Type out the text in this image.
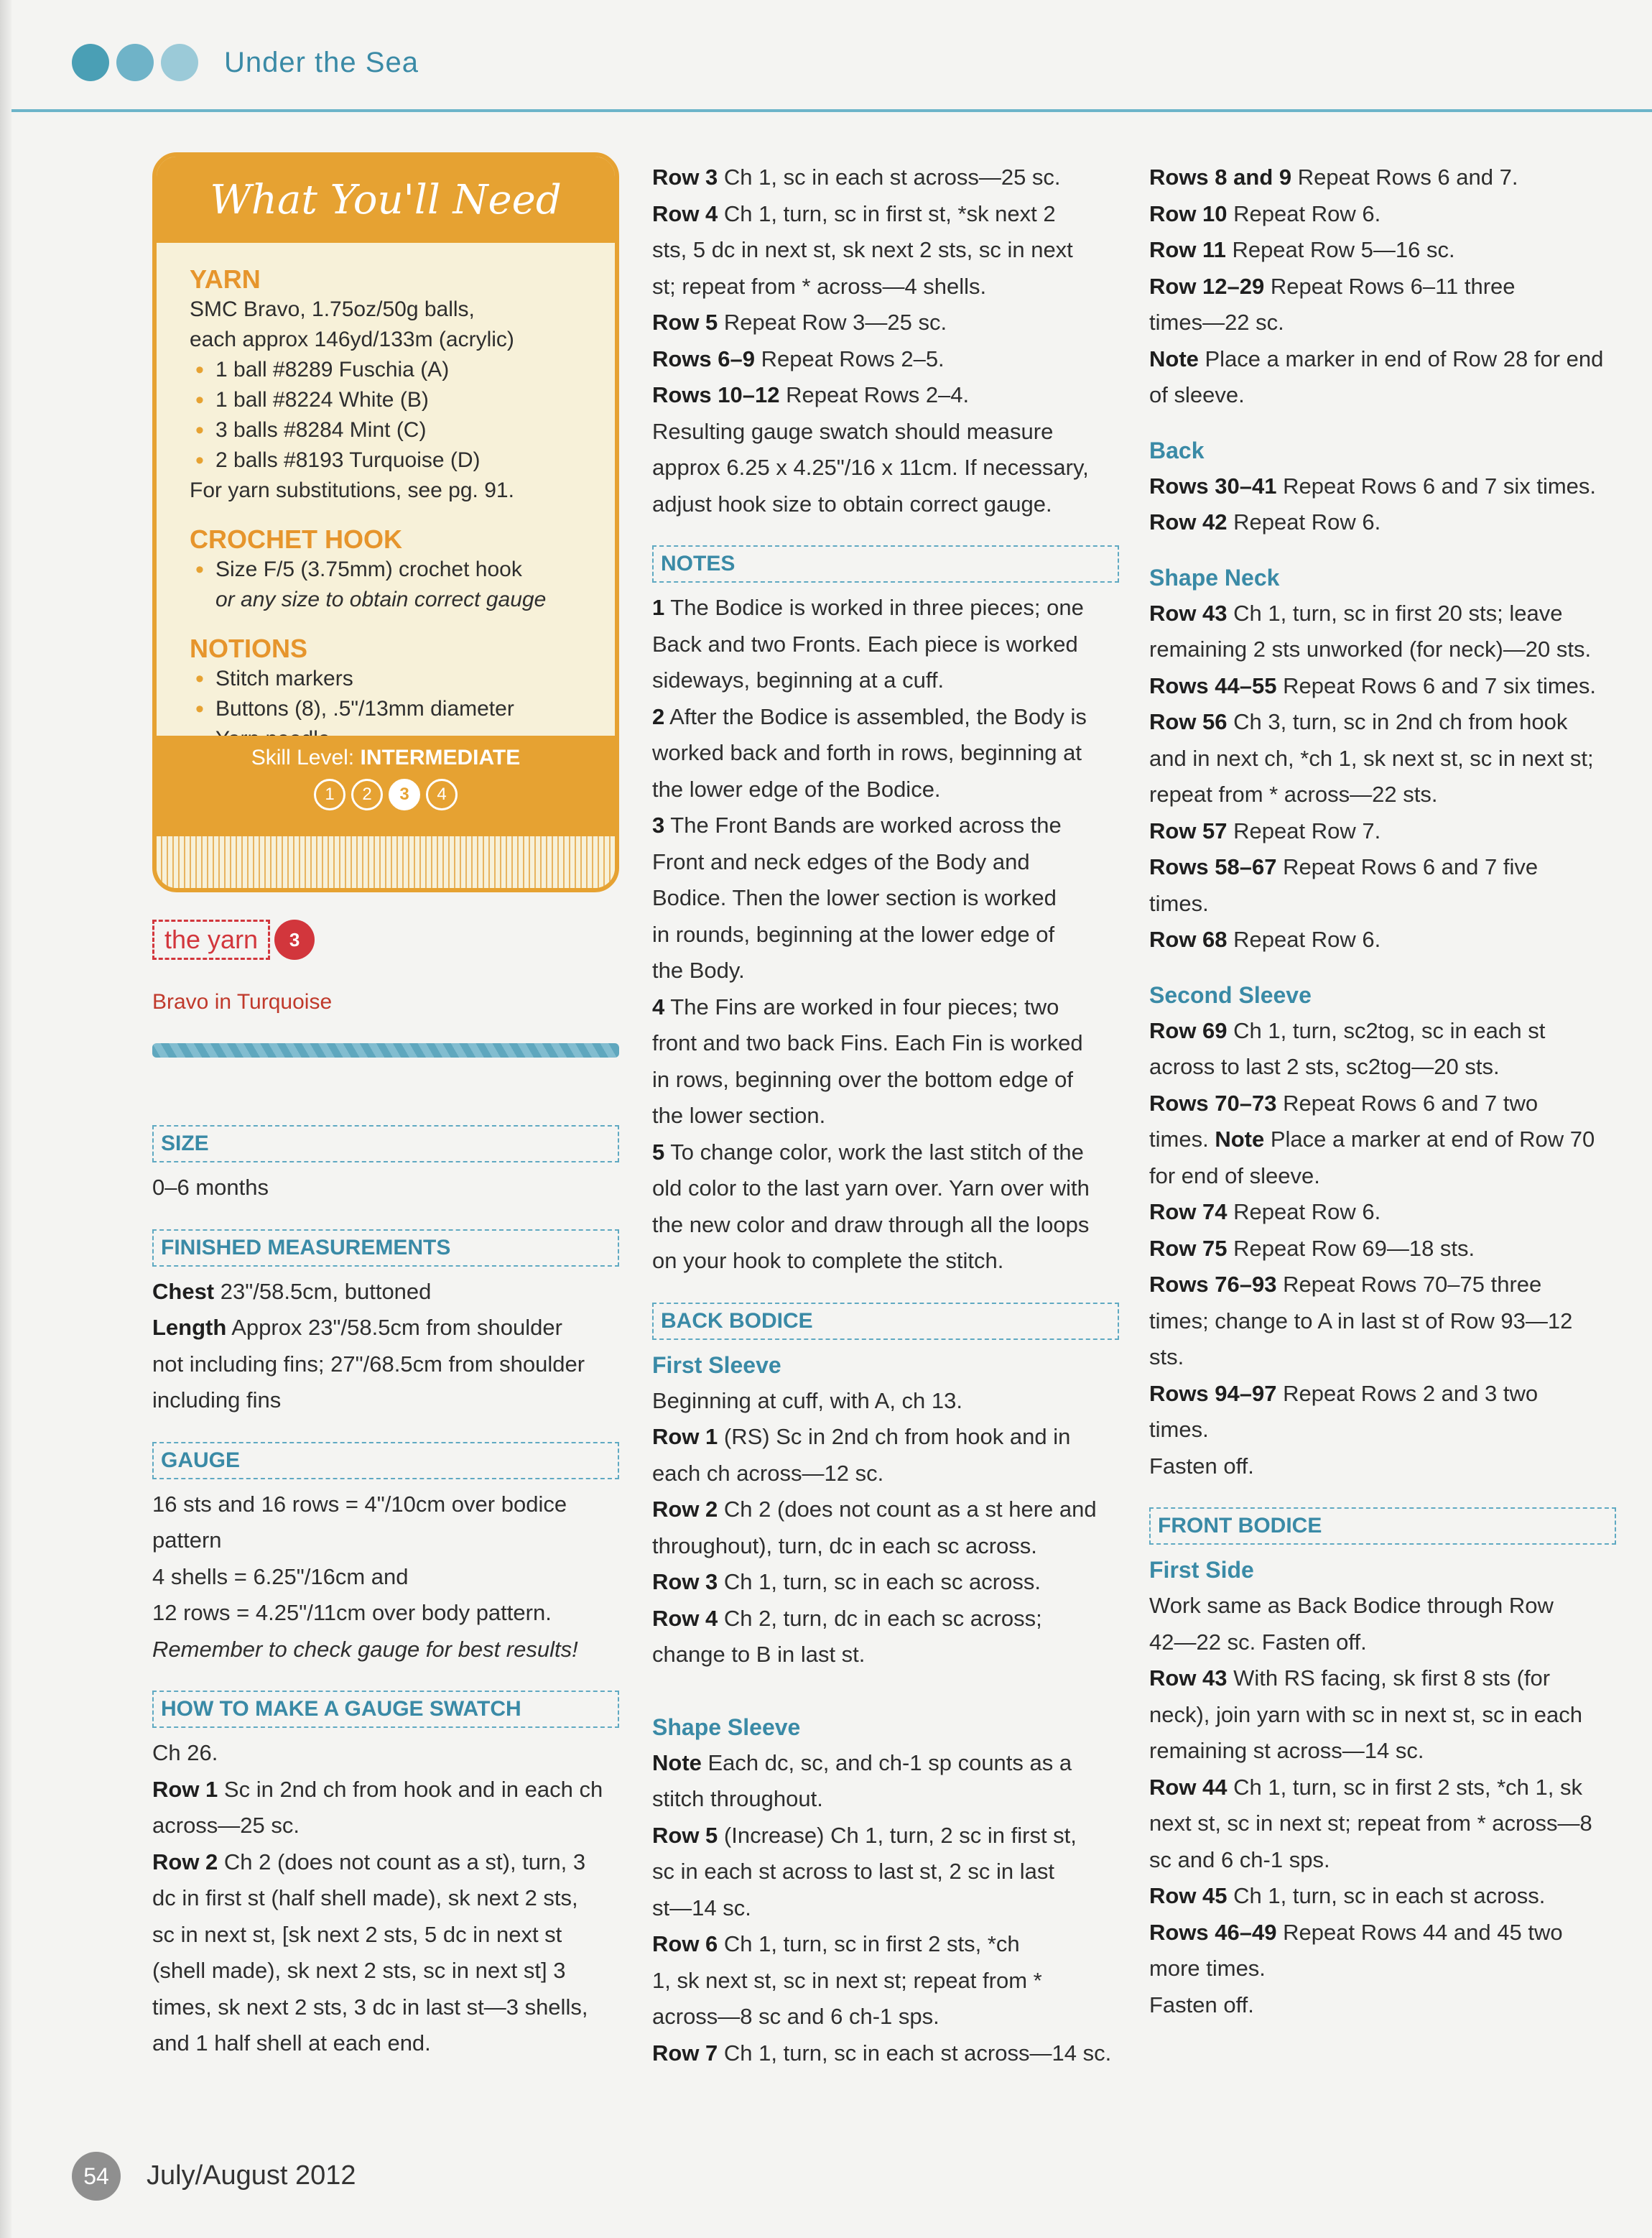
Under the Sea
What You'll Need
YARN
SMC Bravo, 1.75oz/50g balls,
each approx 146yd/133m (acrylic)
• 1 ball #8289 Fuschia (A)
• 1 ball #8224 White (B)
• 3 balls #8284 Mint (C)
• 2 balls #8193 Turquoise (D)
For yarn substitutions, see pg. 91.
CROCHET HOOK
• Size F/5 (3.75mm) crochet hook
or any size to obtain correct gauge
NOTIONS
• Stitch markers
• Buttons (8), .5"/13mm diameter
•
Skill Level: INTERMEDIATE
1	2	3	4
the yarn	3
Bravo in Turquoise
SIZE

0–6 months

FINISHED MEASUREMENTS

Chest 23"/58.5cm, buttoned

Length Approx 23"/58.5cm from shoulder

not including fins; 27"/68.5cm from shoulder

including fins

GAUGE

16 sts and 16 rows = 4"/10cm over bodice

pattern

4 shells = 6.25"/16cm and

12 rows = 4.25"/11cm over body pattern.

Remember to check gauge for best results!

HOW TO MAKE A GAUGE SWATCH

Ch 26.

Row 1 Sc in 2nd ch from hook and in each ch

across—25 sc.

Row 2 Ch 2 (does not count as a st), turn, 3

dc in first st (half shell made), sk next 2 sts,

sc in next st, [sk next 2 sts, 5 dc in next st

(shell made), sk next 2 sts, sc in next st] 3

times, sk next 2 sts, 3 dc in last st—3 shells,

and 1 half shell at each end.

Row 3 Ch 1, sc in each st across—25 sc.

Row 4 Ch 1, turn, sc in first st, *sk next 2

sts, 5 dc in next st, sk next 2 sts, sc in next

st; repeat from * across—4 shells.

Row 5 Repeat Row 3—25 sc.

Rows 6–9 Repeat Rows 2–5.

Rows 10–12 Repeat Rows 2–4.

Resulting gauge swatch should measure

approx 6.25 x 4.25"/16 x 11cm. If necessary,

adjust hook size to obtain correct gauge.

NOTES

1 The Bodice is worked in three pieces; one

Back and two Fronts. Each piece is worked

sideways, beginning at a cuff.

2 After the Bodice is assembled, the Body is

worked back and forth in rows, beginning at

the lower edge of the Bodice.

3 The Front Bands are worked across the

Front and neck edges of the Body and

Bodice. Then the lower section is worked

in rounds, beginning at the lower edge of

the Body.

4 The Fins are worked in four pieces; two

front and two back Fins. Each Fin is worked

in rows, beginning over the bottom edge of

the lower section.

5 To change color, work the last stitch of the

old color to the last yarn over. Yarn over with

the new color and draw through all the loops

on your hook to complete the stitch.

BACK BODICE
First Sleeve

Beginning at cuff, with A, ch 13.

Row 1 (RS) Sc in 2nd ch from hook and in

each ch across—12 sc.

Row 2 Ch 2 (does not count as a st here and

throughout), turn, dc in each sc across.

Row 3 Ch 1, turn, sc in each sc across.

Row 4 Ch 2, turn, dc in each sc across;

change to B in last st.

Shape Sleeve

Note Each dc, sc, and ch-1 sp counts as a

stitch throughout.

Row 5 (Increase) Ch 1, turn, 2 sc in first st,

sc in each st across to last st, 2 sc in last

st—14 sc.

Row 6 Ch 1, turn, sc in first 2 sts, *ch

1, sk next st, sc in next st; repeat from *

across—8 sc and 6 ch-1 sps.

Row 7 Ch 1, turn, sc in each st across—14 sc.

Rows 8 and 9 Repeat Rows 6 and 7.

Row 10 Repeat Row 6.

Row 11 Repeat Row 5—16 sc.

Row 12–29 Repeat Rows 6–11 three

times—22 sc.

Note Place a marker in end of Row 28 for end

of sleeve.

Back

Rows 30–41 Repeat Rows 6 and 7 six times.

Row 42 Repeat Row 6.

Shape Neck

Row 43 Ch 1, turn, sc in first 20 sts; leave

remaining 2 sts unworked (for neck)—20 sts.

Rows 44–55 Repeat Rows 6 and 7 six times.

Row 56 Ch 3, turn, sc in 2nd ch from hook

and in next ch, *ch 1, sk next st, sc in next st;

repeat from * across—22 sts.

Row 57 Repeat Row 7.

Rows 58–67 Repeat Rows 6 and 7 five

times.

Row 68 Repeat Row 6.

Second Sleeve

Row 69 Ch 1, turn, sc2tog, sc in each st

across to last 2 sts, sc2tog—20 sts.

Rows 70–73 Repeat Rows 6 and 7 two

times. Note Place a marker at end of Row 70

for end of sleeve.

Row 74 Repeat Row 6.

Row 75 Repeat Row 69—18 sts.

Rows 76–93 Repeat Rows 70–75 three

times; change to A in last st of Row 93—12

sts.

Rows 94–97 Repeat Rows 2 and 3 two

times.

Fasten off.

FRONT BODICE
First Side

Work same as Back Bodice through Row

42—22 sc. Fasten off.

Row 43 With RS facing, sk first 8 sts (for

neck), join yarn with sc in next st, sc in each

remaining st across—14 sc.

Row 44 Ch 1, turn, sc in first 2 sts, *ch 1, sk

next st, sc in next st; repeat from * across—8

sc and 6 ch-1 sps.

Row 45 Ch 1, turn, sc in each st across.

Rows 46–49 Repeat Rows 44 and 45 two

more times.

Fasten off.

54	July/August 2012
